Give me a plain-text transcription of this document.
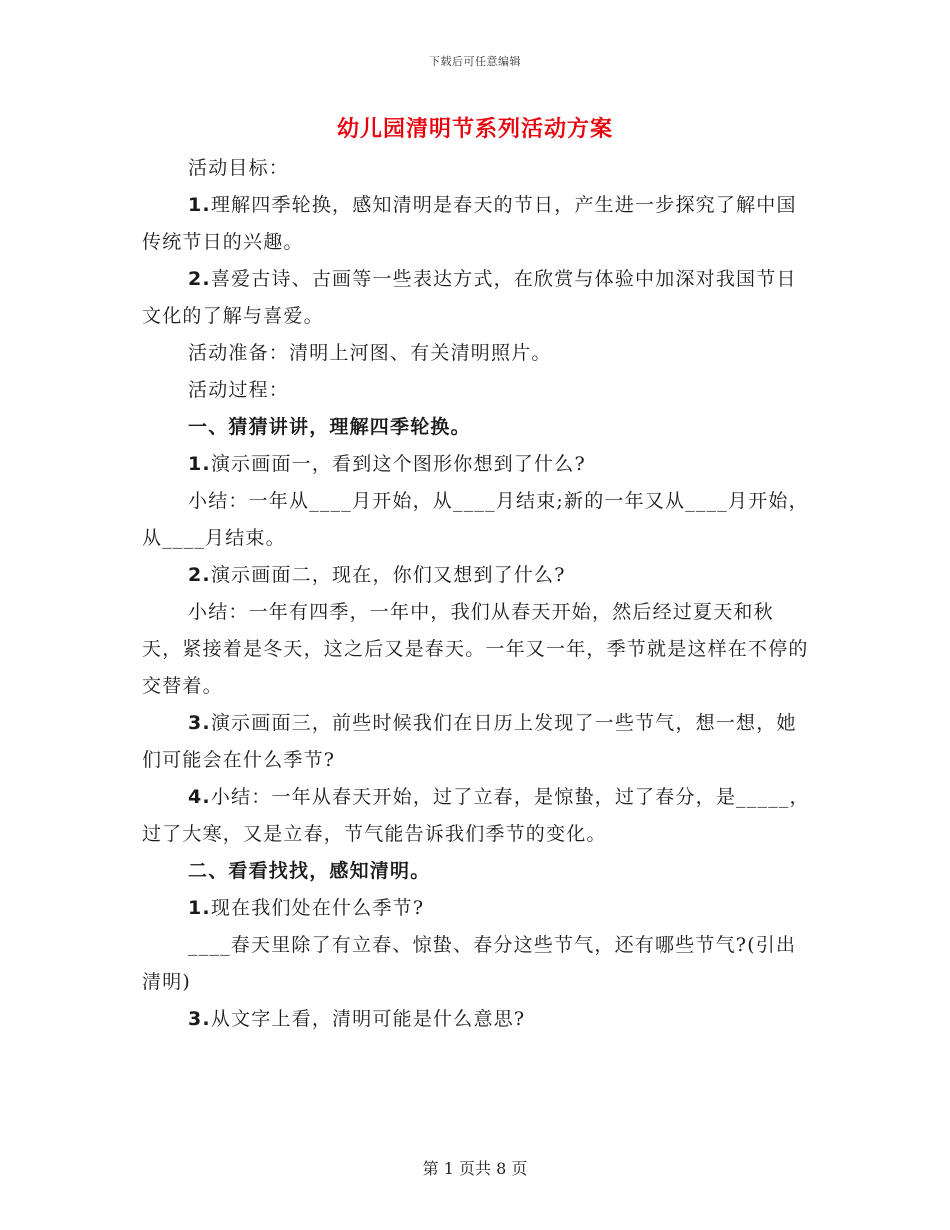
下载后可任意编辑
幼儿园清明节系列活动方案

活动目标：

1.理解四季轮换，感知清明是春天的节日，产生进一步探究了解中国传统节日的兴趣。

2.喜爱古诗、古画等一些表达方式，在欣赏与体验中加深对我国节日文化的了解与喜爱。

活动准备：清明上河图、有关清明照片。

活动过程：

一、猜猜讲讲，理解四季轮换。

1.演示画面一，看到这个图形你想到了什么?

小结：一年从____月开始，从____月结束;新的一年又从____月开始，从____月结束。

2.演示画面二，现在，你们又想到了什么?

小结：一年有四季，一年中，我们从春天开始，然后经过夏天和秋天，紧接着是冬天，这之后又是春天。一年又一年，季节就是这样在不停的交替着。

3.演示画面三，前些时候我们在日历上发现了一些节气，想一想，她们可能会在什么季节?

4.小结：一年从春天开始，过了立春，是惊蛰，过了春分，是_____，过了大寒，又是立春，节气能告诉我们季节的变化。

二、看看找找，感知清明。

1.现在我们处在什么季节?

____春天里除了有立春、惊蛰、春分这些节气，还有哪些节气?(引出清明)

3.从文字上看，清明可能是什么意思?

第 1 页共 8 页
